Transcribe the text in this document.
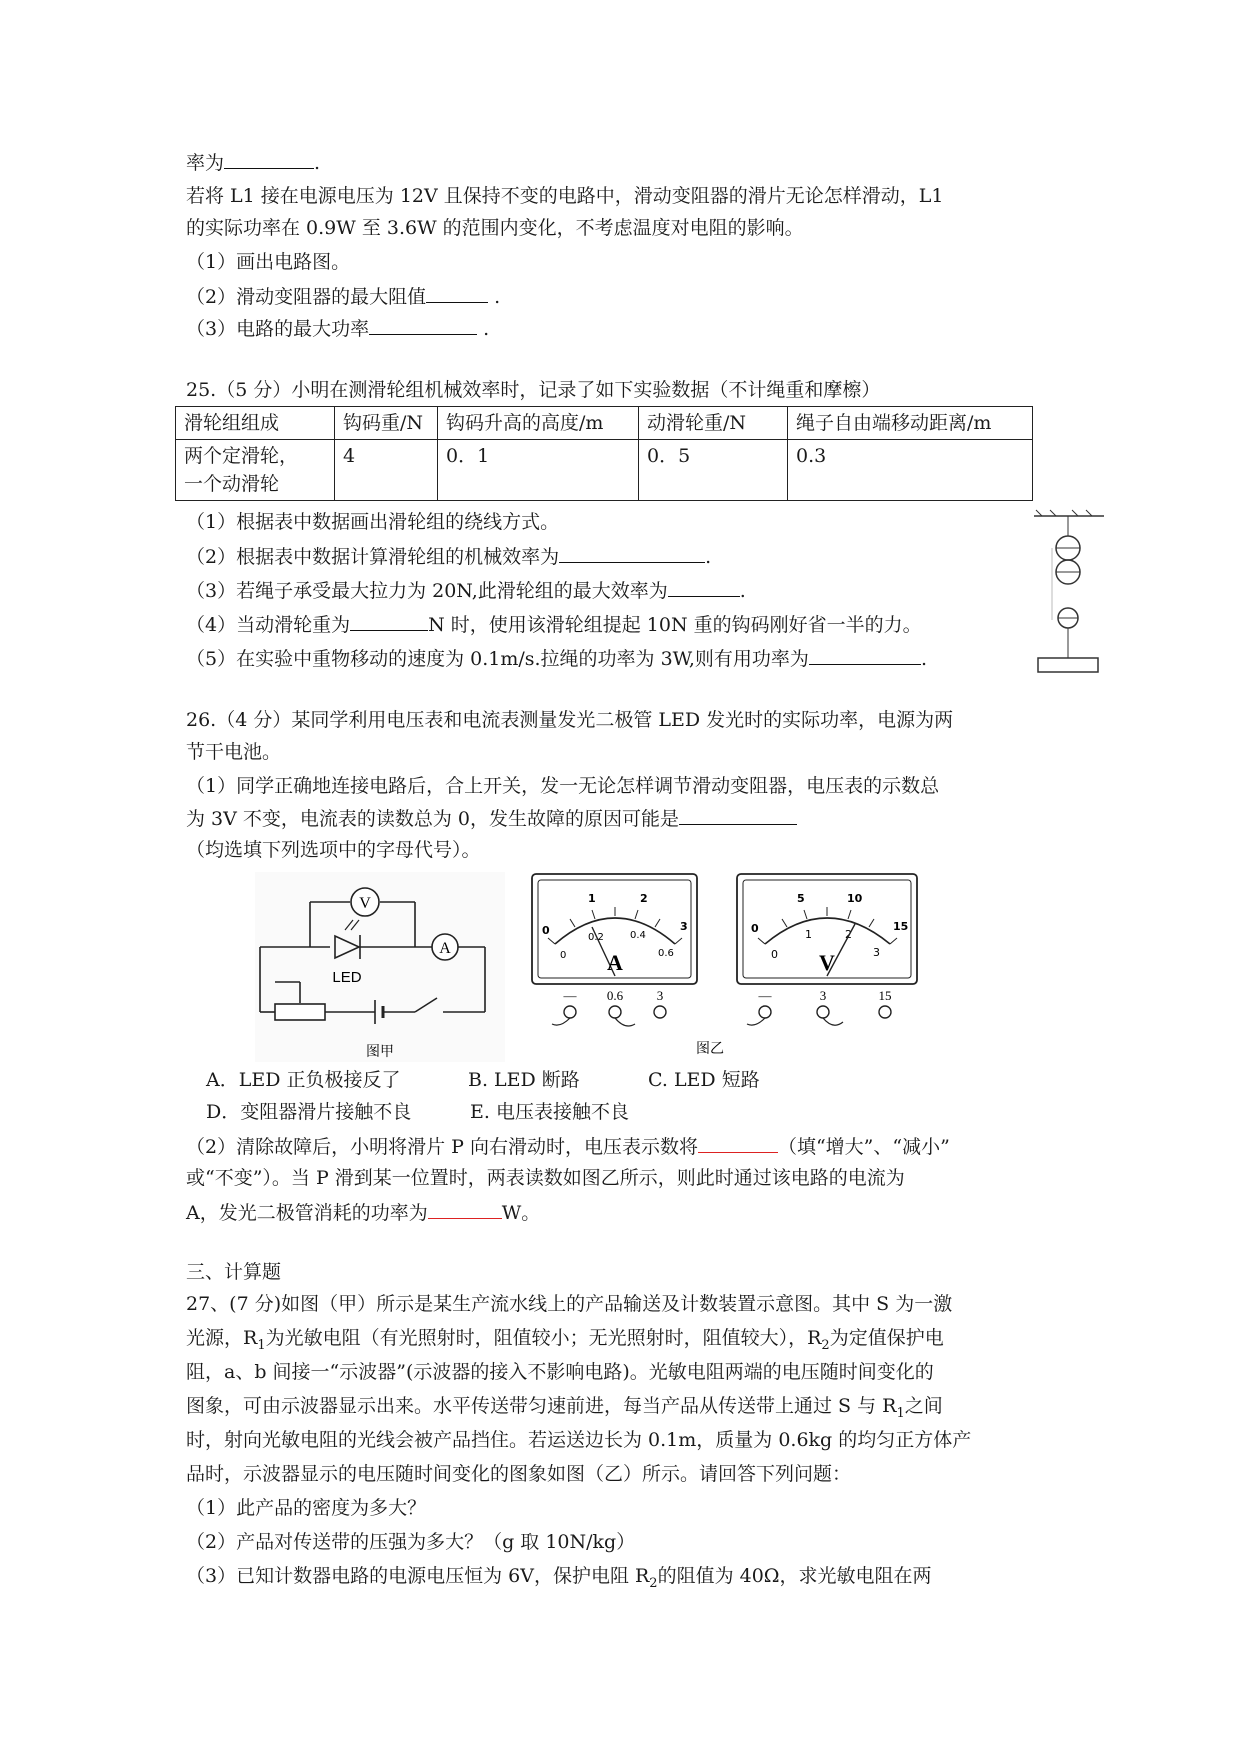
率为	.
若将 L1 接在电源电压为 12V 且保持不变的电路中，滑动变阻器的滑片无论怎样滑动，L1
的实际功率在 0.9W 至 3.6W 的范围内变化，不考虑温度对电阻的影响。
（1）画出电路图。
（2）滑动变阻器的最大阻值	.
（3）电路的最大功率	.
25.（5 分）小明在测滑轮组机械效率时，记录了如下实验数据（不计绳重和摩檫）
滑轮组组成	钩码重/N	钩码升高的高度/m	动滑轮重/N	绳子自由端移动距离/m
两个定滑轮，
一个动滑轮	4	0．1	0．5	0.3
（1）根据表中数据画出滑轮组的绕线方式。
（2）根据表中数据计算滑轮组的机械效率为	.
（3）若绳子承受最大拉力为 20N,此滑轮组的最大效率为	.
（4）当动滑轮重为	N 时，使用该滑轮组提起 10N 重的钩码刚好省一半的力。
（5）在实验中重物移动的速度为 0.1m/s.拉绳的功率为 3W,则有用功率为	.
26.（4 分）某同学利用电压表和电流表测量发光二极管 LED 发光时的实际功率，电源为两
节干电池。
（1）同学正确地连接电路后，合上开关，发一无论怎样调节滑动变阻器，电压表的示数总
为 3V 不变，电流表的读数总为 0，发生故障的原因可能是
（均选填下列选项中的字母代号）。
V
A
LED
图甲
0
1	2
3
0
0.2	0.4
0.6
A
— 0.6	3
0
5	10
15
0
1	2
3
V
—	3	15
图乙
A．LED 正负极接反了	B. LED 断路	C. LED 短路
D．变阻器滑片接触不良	E. 电压表接触不良
（2）清除故障后，小明将滑片 P 向右滑动时，电压表示数将	（填“增大”、“减小”
或“不变”）。当 P 滑到某一位置时，两表读数如图乙所示，则此时通过该电路的电流为
A，发光二极管消耗的功率为	W。
三、计算题
27、(7 分)如图（甲）所示是某生产流水线上的产品输送及计数装置示意图。其中 S 为一激
光源，$R_1$为光敏电阻（有光照射时，阻值较小；无光照射时，阻值较大），$R_2$为定值保护电
阻，a、b 间接一“示波器”(示波器的接入不影响电路)。光敏电阻两端的电压随时间变化的
图象，可由示波器显示出来。水平传送带匀速前进，每当产品从传送带上通过 S 与 $R_1$之间
时，射向光敏电阻的光线会被产品挡住。若运送边长为 0.1m，质量为 0.6kg 的均匀正方体产
品时，示波器显示的电压随时间变化的图象如图（乙）所示。请回答下列问题：
（1）此产品的密度为多大？
（2）产品对传送带的压强为多大？（g 取 10N/kg）
（3）已知计数器电路的电源电压恒为 6V，保护电阻 $R_2$的阻值为 40Ω，求光敏电阻在两
